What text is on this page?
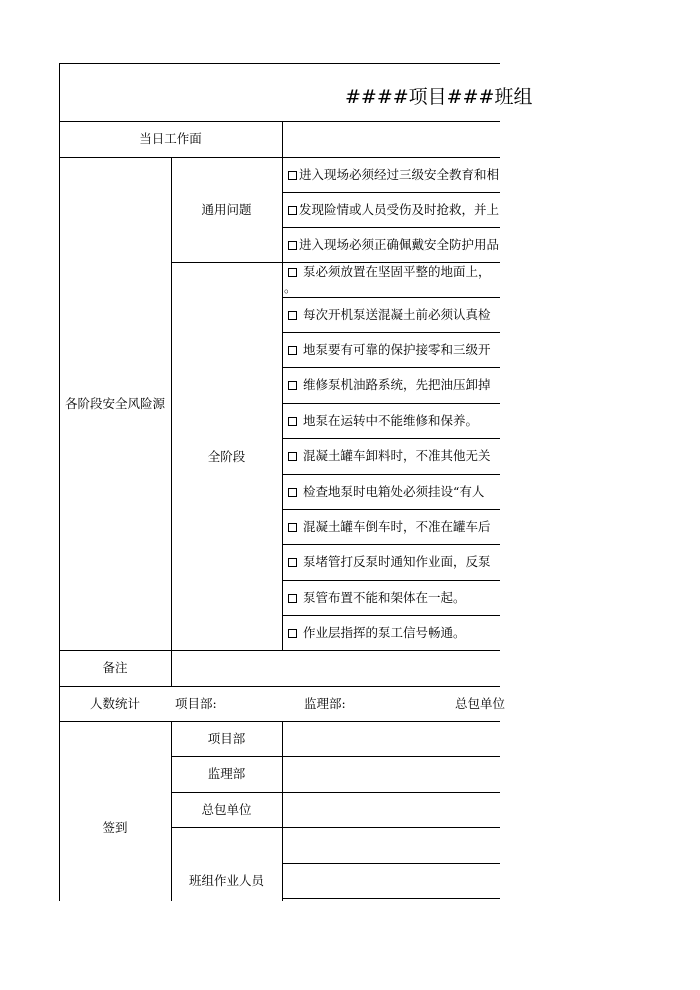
####项目###班组
当日工作面
各阶段安全风险源
通用问题
全阶段
备注
人数统计
签到
进入现场必须经过三级安全教育和相
发现险情或人员受伤及时抢救，并上
进入现场必须正确佩戴安全防护用品
泵必须放置在坚固平整的地面上，
。
每次开机泵送混凝土前必须认真检
地泵要有可靠的保护接零和三级开
维修泵机油路系统，先把油压卸掉
地泵在运转中不能维修和保养。
混凝土罐车卸料时，不准其他无关
检查地泵时电箱处必须挂设“有人
混凝土罐车倒车时，不准在罐车后
泵堵管打反泵时通知作业面，反泵
泵管布置不能和架体在一起。
作业层指挥的泵工信号畅通。
项目部:	监理部:	总包单位
项目部
监理部
总包单位
班组作业人员
